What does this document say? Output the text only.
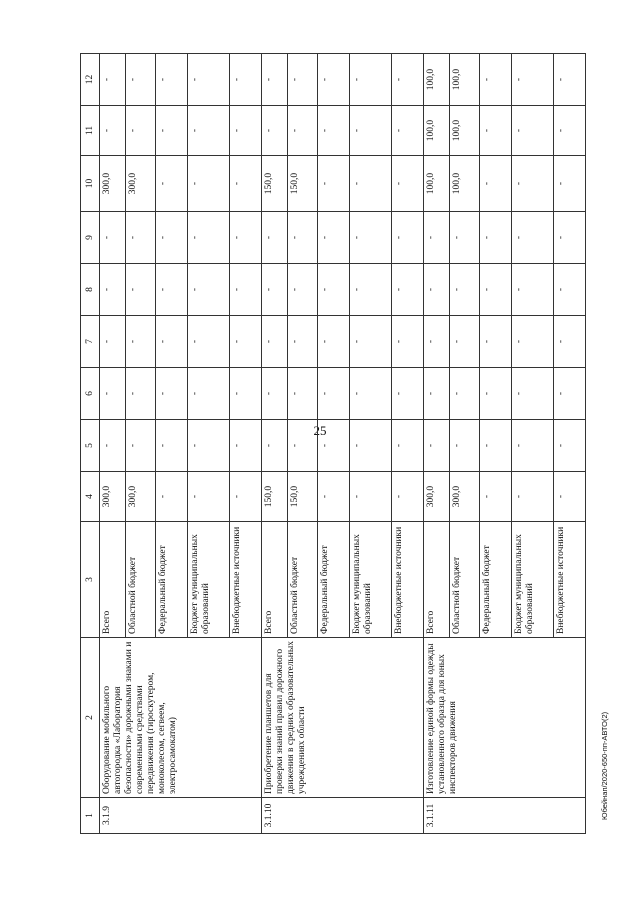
25
1	2	3	4	5	6	7	8	9	10	11	12
3.1.9	Оборудование мобильного автогородка «Лаборатория безопасности» дорожными знаками и современными средствами передвижения (гироскутером, моноколесом, сегвеем, электросамокатом)	Всего	300,0	-	-	-	-	-	300,0	-	-
		Областной бюджет	300,0	-	-	-	-	-	300,0	-	-
		Федеральный бюджет	-	-	-	-	-	-	-	-	-
		Бюджет муниципальных образований	-	-	-	-	-	-	-	-	-
		Внебюджетные источники	-	-	-	-	-	-	-	-	-
3.1.10	Приобретение планшетов для проверки знаний правил дорожного движения в средних образовательных учреждениях области	Всего	150,0	-	-	-	-	-	150,0	-	-
		Областной бюджет	150,0	-	-	-	-	-	150,0	-	-
		Федеральный бюджет	-	-	-	-	-	-	-	-	-
		Бюджет муниципальных образований	-	-	-	-	-	-	-	-	-
		Внебюджетные источники	-	-	-	-	-	-	-	-	-
3.1.11	Изготовление единой формы одежды установленного образца для юных инспекторов движения	Всего	300,0	-	-	-	-	-	100,0	100,0	100,0
		Областной бюджет	300,0	-	-	-	-	-	100,0	100,0	100,0
		Федеральный бюджет	-	-	-	-	-	-	-	-	-
		Бюджет муниципальных образований	-	-	-	-	-	-	-	-	-
		Внебюджетные источники	-	-	-	-	-	-	-	-	-
Юбейнап/2020-650-пп-АВТО(2)
